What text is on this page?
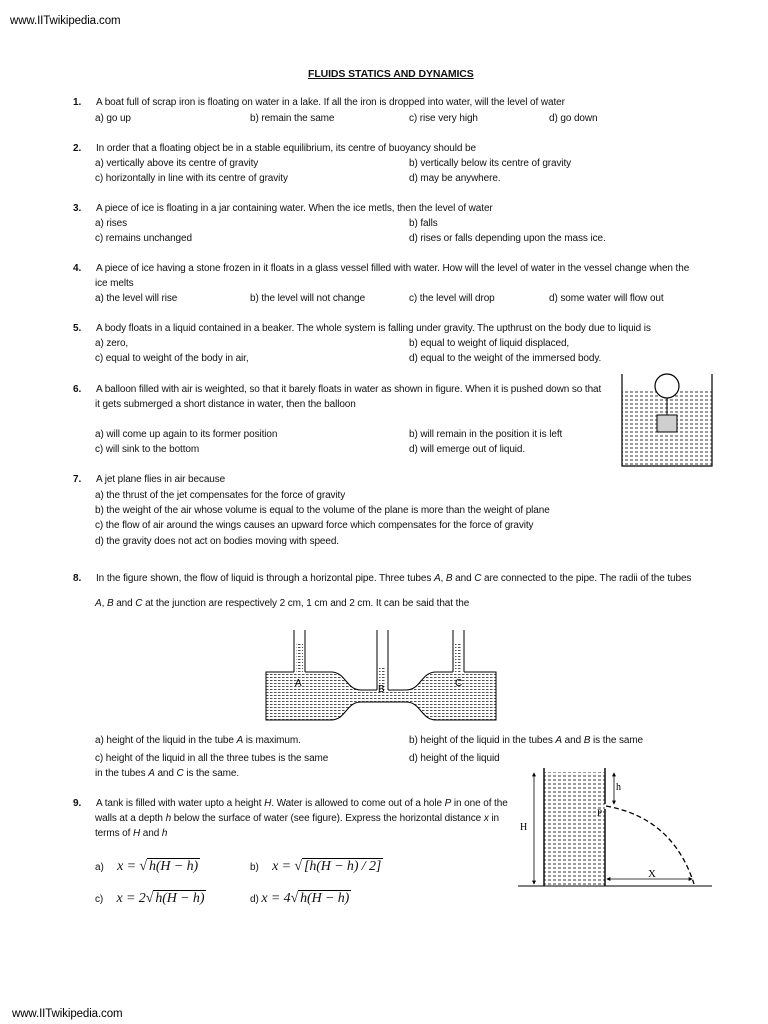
www.IITwikipedia.com
www.IITwikipedia.com
FLUIDS STATICS AND DYNAMICS
1. A boat full of scrap iron is floating on water in a lake. If all the iron is dropped into water, will the level of water
a) go up	b) remain the same	c) rise very high	d) go down
2. In order that a floating object be in a stable equilibrium, its centre of buoyancy should be
a) vertically above its centre of gravity	b) vertically below its centre of gravity
c) horizontally in line with its centre of gravity	d) may be anywhere.
3. A piece of ice is floating in a jar containing water. When the ice metls, then the level of water
a) rises	b) falls
c) remains unchanged	d) rises or falls depending upon the mass ice.
4. A piece of ice having a stone frozen in it floats in a glass vessel filled with water. How will the level of water in the vessel change when the
ice melts
a) the level will rise	b) the level will not change	c) the level will drop	d) some water will flow out
5. A body floats in a liquid contained in a beaker. The whole system is falling under gravity. The upthrust on the body due to liquid is
a) zero,	b) equal to weight of liquid displaced,
c) equal to weight of the body in air,	d) equal to the weight of the immersed body.
6. A balloon filled with air is weighted, so that it barely floats in water as shown in figure. When it is pushed down so that
it gets submerged a short distance in water, then the balloon
a) will come up again to its former position	b) will remain in the position it is left
c) will sink to the bottom	d) will emerge out of liquid.
7. A jet plane flies in air because
a) the thrust of the jet compensates for the force of gravity
b) the weight of the air whose volume is equal to the volume of the plane is more than the weight of plane
c) the flow of air around the wings causes an upward force which compensates for the force of gravity
d) the gravity does not act on bodies moving with speed.
8. In the figure shown, the flow of liquid is through a horizontal pipe. Three tubes A, B and C are connected to the pipe. The radii of the tubes
A, B and C at the junction are respectively 2 cm, 1 cm and 2 cm. It can be said that the
A
B
C
a) height of the liquid in the tube A is maximum.	b) height of the liquid in the tubes A and B is the same
c) height of the liquid in all the three tubes is the same	d) height of the liquid
in the tubes A and C is the same.
9. A tank is filled with water upto a height H. Water is allowed to come out of a hole P in one of the
walls at a depth h below the surface of water (see figure). Express the horizontal distance x in
terms of H and h
a) x = √ h(H − h)	b) x = √ [h(H − h) / 2]
c) x = 2√ h(H − h)	d) x = 4√ h(H − h)
h
H
P
X
